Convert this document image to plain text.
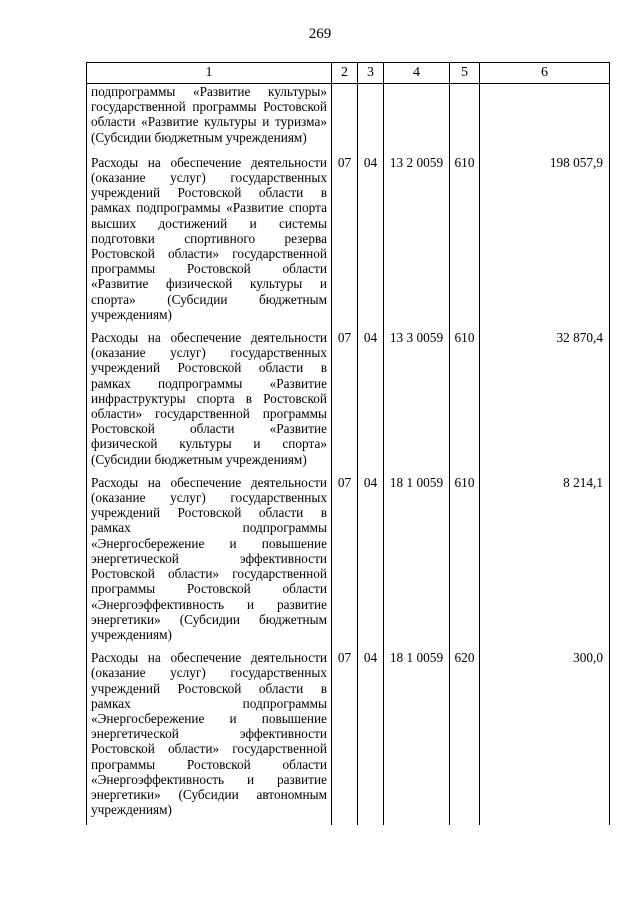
269
1	2	3	4	5	6
подпрограммы «Развитие культуры» государственной программы Ростовской области «Развитие культуры и туризма» (Субсидии бюджетным учреждениям)					
Расходы на обеспечение деятельности (оказание услуг) государственных учреждений Ростовской области в рамках подпрограммы «Развитие спорта высших достижений и системы подготовки спортивного резерва Ростовской области» государственной программы Ростовской области «Развитие физической культуры и спорта» (Субсидии бюджетным учреждениям)	07	04	13 2 0059	610	198 057,9
Расходы на обеспечение деятельности (оказание услуг) государственных учреждений Ростовской области в рамках подпрограммы «Развитие инфраструктуры спорта в Ростовской области» государственной программы Ростовской области «Развитие физической культуры и спорта» (Субсидии бюджетным учреждениям)	07	04	13 3 0059	610	32 870,4
Расходы на обеспечение деятельности (оказание услуг) государственных учреждений Ростовской области в рамках подпрограммы «Энергосбережение и повышение энергетической эффективности Ростовской области» государственной программы Ростовской области «Энергоэффективность и развитие энергетики» (Субсидии бюджетным учреждениям)	07	04	18 1 0059	610	8 214,1
Расходы на обеспечение деятельности (оказание услуг) государственных учреждений Ростовской области в рамках подпрограммы «Энергосбережение и повышение энергетической эффективности Ростовской области» государственной программы Ростовской области «Энергоэффективность и развитие энергетики» (Субсидии автономным учреждениям)	07	04	18 1 0059	620	300,0
